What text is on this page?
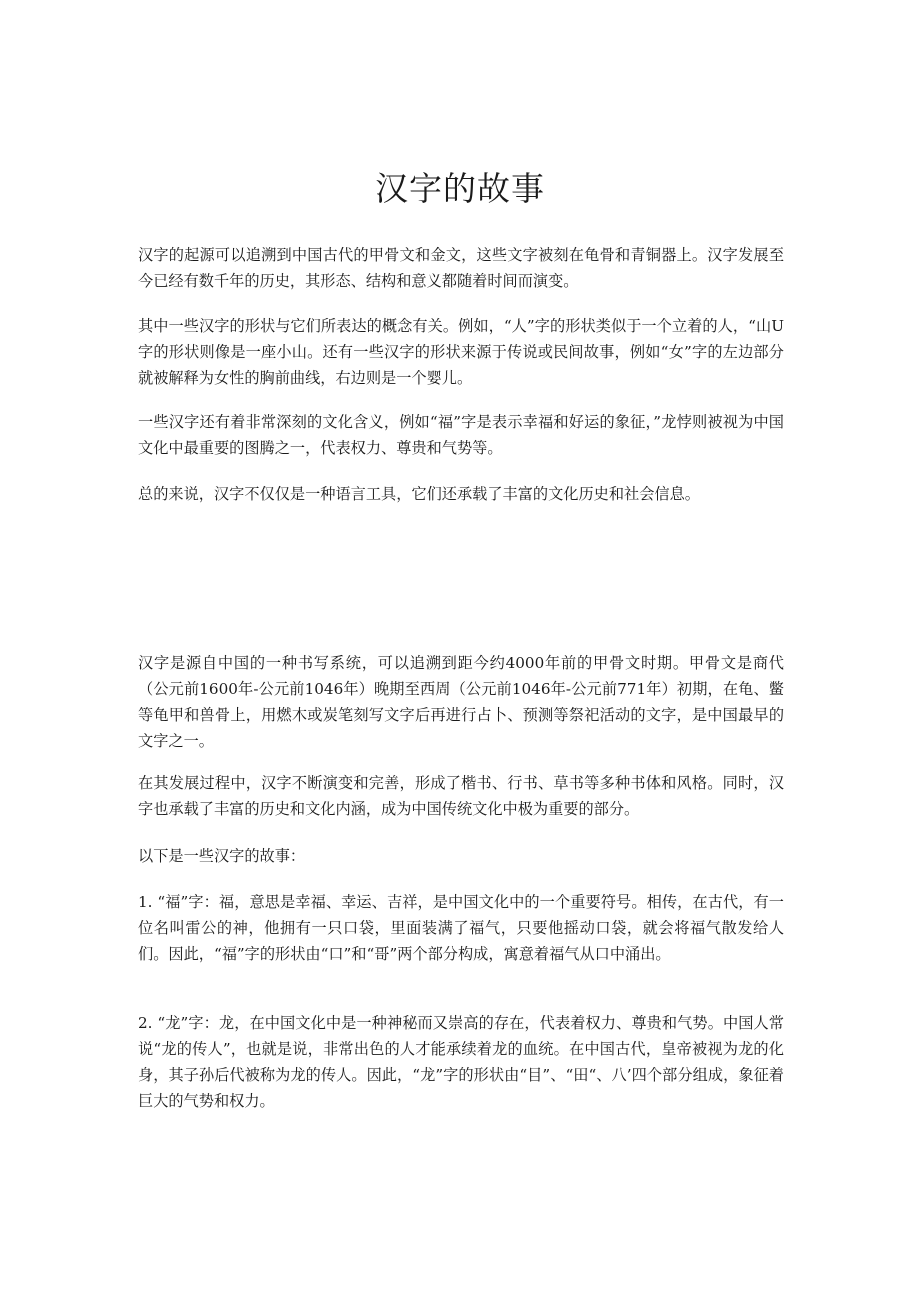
汉字的故事

汉字的起源可以追溯到中国古代的甲骨文和金文，这些文字被刻在龟骨和青铜器上。汉字发展至今已经有数千年的历史，其形态、结构和意义都随着时间而演变。

其中一些汉字的形状与它们所表达的概念有关。例如，“人”字的形状类似于一个立着的人，“山U字的形状则像是一座小山。还有一些汉字的形状来源于传说或民间故事，例如“女”字的左边部分就被解释为女性的胸前曲线，右边则是一个婴儿。

一些汉字还有着非常深刻的文化含义，例如“福”字是表示幸福和好运的象征，”龙悖则被视为中国文化中最重要的图腾之一，代表权力、尊贵和气势等。

总的来说，汉字不仅仅是一种语言工具，它们还承载了丰富的文化历史和社会信息。

汉字是源自中国的一种书写系统，可以追溯到距今约4000年前的甲骨文时期。甲骨文是商代（公元前1600年-公元前1046年）晚期至西周（公元前1046年-公元前771年）初期，在龟、鳖等龟甲和兽骨上，用燃木或炭笔刻写文字后再进行占卜、预测等祭祀活动的文字，是中国最早的文字之一。

在其发展过程中，汉字不断演变和完善，形成了楷书、行书、草书等多种书体和风格。同时，汉字也承载了丰富的历史和文化内涵，成为中国传统文化中极为重要的部分。

以下是一些汉字的故事：

1. “福”字：福，意思是幸福、幸运、吉祥，是中国文化中的一个重要符号。相传，在古代，有一位名叫雷公的神，他拥有一只口袋，里面装满了福气，只要他摇动口袋，就会将福气散发给人们。因此，“福”字的形状由“口”和“哥”两个部分构成，寓意着福气从口中涌出。

2. “龙”字：龙，在中国文化中是一种神秘而又崇高的存在，代表着权力、尊贵和气势。中国人常说“龙的传人”，也就是说，非常出色的人才能承续着龙的血统。在中国古代，皇帝被视为龙的化身，其子孙后代被称为龙的传人。因此，“龙”字的形状由“目”、“田“、八’四个部分组成，象征着巨大的气势和权力。
